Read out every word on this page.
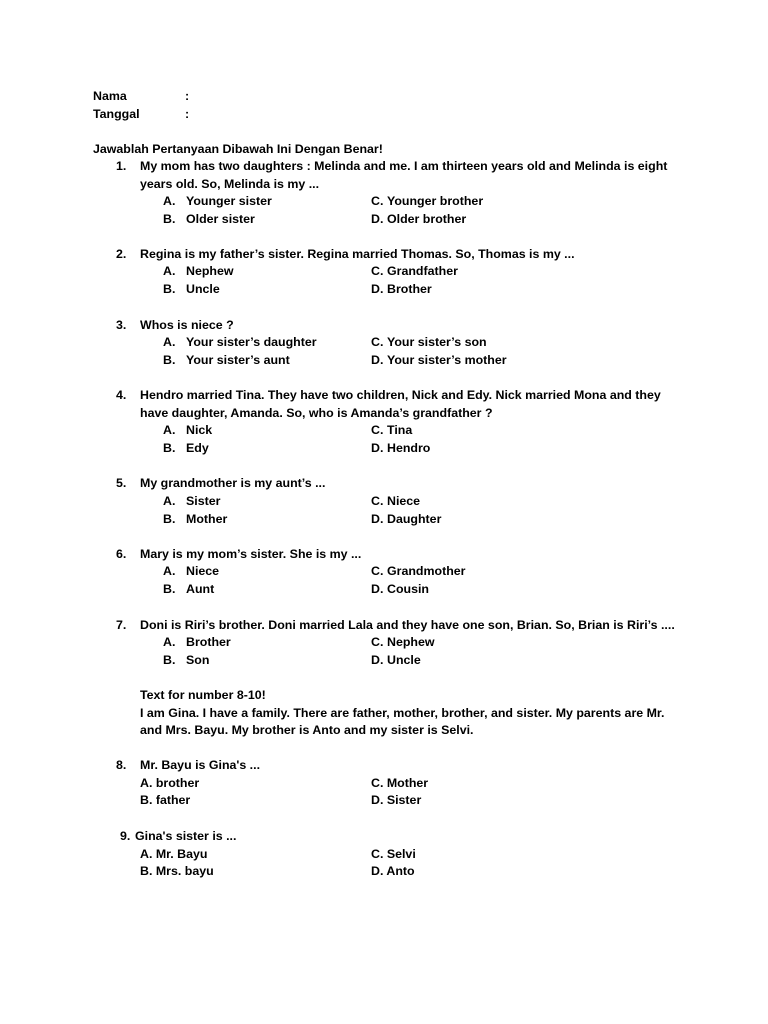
Nama	:
Tanggal	:
Jawablah Pertanyaan Dibawah Ini Dengan Benar!
1. My mom has two daughters : Melinda and me. I am thirteen years old and Melinda is eight
years old. So, Melinda is my ...
A. Younger sister
B. Older sister
C. Younger brother
D. Older brother
2. Regina is my father’s sister. Regina married Thomas. So, Thomas is my ...
A. Nephew
B. Uncle
C. Grandfather
D. Brother
3. Whos is niece ?
A. Your sister’s daughter
B. Your sister’s aunt
C. Your sister’s son
D. Your sister’s mother
4. Hendro married Tina. They have two children, Nick and Edy. Nick married Mona and they
have daughter, Amanda. So, who is Amanda’s grandfather ?
A. Nick
B. Edy
C. Tina
D. Hendro
5. My grandmother is my aunt’s ...
A. Sister
B. Mother
C. Niece
D. Daughter
6. Mary is my mom’s sister. She is my ...
A. Niece
B. Aunt
C. Grandmother
D. Cousin
7. Doni is Riri’s brother. Doni married Lala and they have one son, Brian. So, Brian is Riri’s ....
A. Brother
B. Son
C. Nephew
D. Uncle
Text for number 8-10!
I am Gina. I have a family. There are father, mother, brother, and sister. My parents are Mr.
and Mrs. Bayu. My brother is Anto and my sister is Selvi.
8. Mr. Bayu is Gina's ...
A. brother
B. father
C. Mother
D. Sister
9. Gina's sister is ...
A. Mr. Bayu
B. Mrs. bayu
C. Selvi
D. Anto
